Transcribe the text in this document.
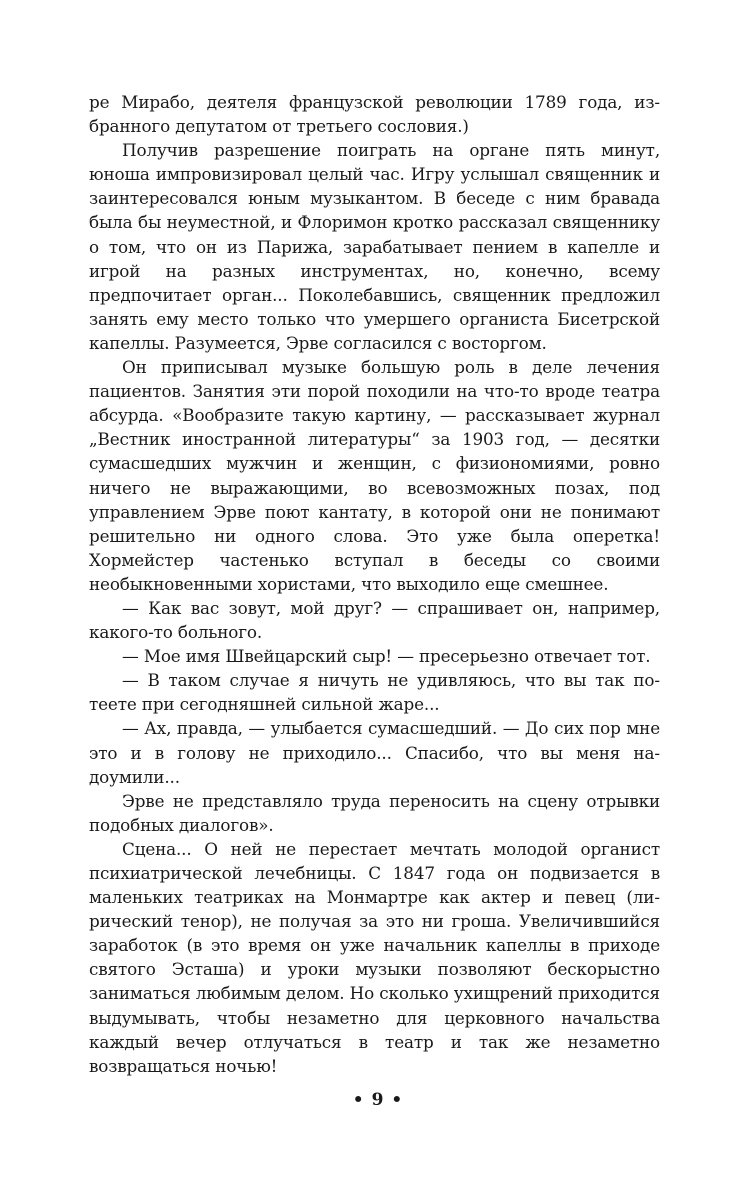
ре Мирабо, деятеля французской революции 1789 года, избранного депутатом от третьего сословия.)

Получив разрешение поиграть на органе пять минут, юноша импровизировал целый час. Игру услышал священник и заинтересовался юным музыкантом. В беседе с ним бравада была бы неуместной, и Флоримон кротко рассказал священнику о том, что он из Парижа, зарабатывает пением в капелле и игрой на разных инструментах, но, конечно, всему предпочитает орган... Поколебавшись, священник предложил занять ему место только что умершего органиста Бисетрской капеллы. Разумеется, Эрве согласился с восторгом.

Он приписывал музыке большую роль в деле лечения пациентов. Занятия эти порой походили на что-то вроде театра абсурда. «Вообразите такую картину, — рассказывает журнал „Вестник иностранной литературы“ за 1903 год, — десятки сумасшедших мужчин и женщин, с физиономиями, ровно ничего не выражающими, во всевозможных позах, под управлением Эрве поют кантату, в которой они не понимают решительно ни одного слова. Это уже была оперетка! Хормейстер частенько вступал в беседы со своими необыкновенными хористами, что выходило еще смешнее.

— Как вас зовут, мой друг? — спрашивает он, например, какого-то больного.

— Мое имя Швейцарский сыр! — пресерьезно отвечает тот.

— В таком случае я ничуть не удивляюсь, что вы так потеете при сегодняшней сильной жаре...

— Ах, правда, — улыбается сумасшедший. — До сих пор мне это и в голову не приходило... Спасибо, что вы меня надоумили...

Эрве не представляло труда переносить на сцену отрывки подобных диалогов».

Сцена... О ней не перестает мечтать молодой органист психиатрической лечебницы. С 1847 года он подвизается в маленьких театриках на Монмартре как актер и певец (лирический тенор), не получая за это ни гроша. Увеличившийся заработок (в это время он уже начальник капеллы в приходе святого Эсташа) и уроки музыки позволяют бескорыстно заниматься любимым делом. Но сколько ухищрений приходится выдумывать, чтобы незаметно для церковного начальства каждый вечер отлучаться в театр и так же незаметно возвращаться ночью!

• 9 •
